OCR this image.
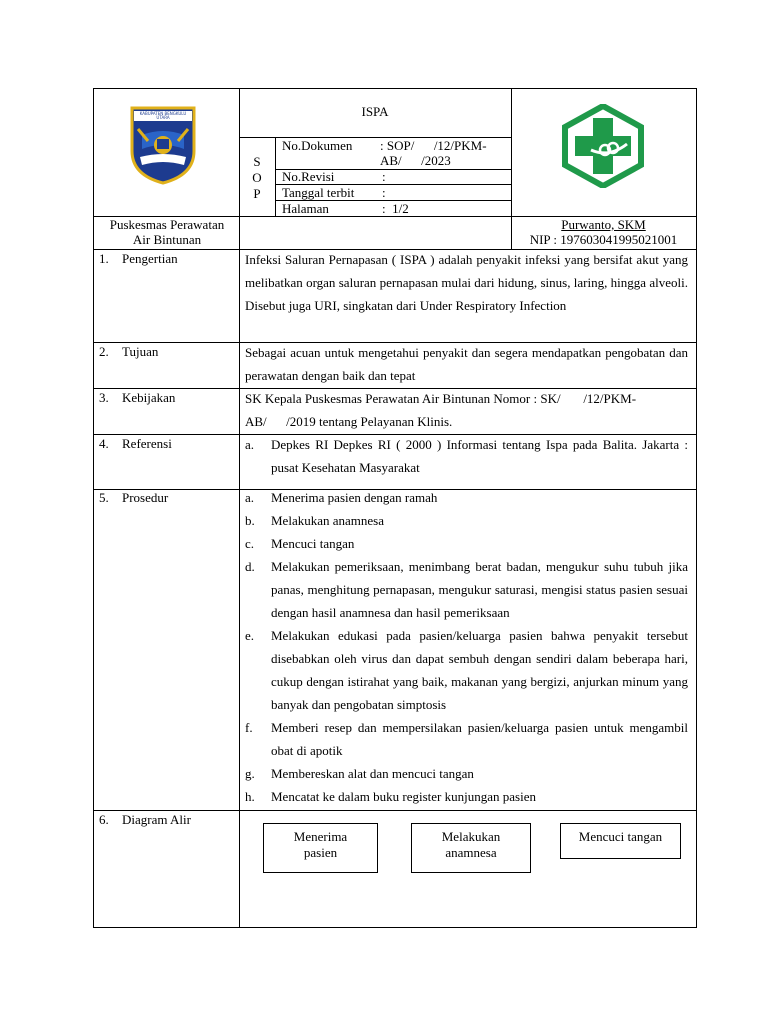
KABUPATEN BENGKULU UTARA	ISPA
S
O
P
No.Dokumen : SOP/      /12/PKM-AB/      /2023
No.Revisi	:
Tanggal terbit :
Halaman	:  1/2
Puskesmas Perawatan Air Bintunan
Purwanto, SKM
NIP : 197603041995021001
1. Pengertian	Infeksi Saluran Pernapasan ( ISPA ) adalah penyakit infeksi yang bersifat akut yang melibatkan organ saluran pernapasan mulai dari hidung, sinus, laring, hingga alveoli. Disebut juga URI, singkatan dari Under Respiratory Infection
2. Tujuan	Sebagai acuan untuk mengetahui penyakit dan segera mendapatkan pengobatan dan perawatan dengan baik dan tepat
3. Kebijakan	SK Kepala Puskesmas Perawatan Air Bintunan Nomor : SK/       /12/PKM-
AB/      /2019 tentang Pelayanan Klinis.
4. Referensi	a.	Depkes RI Depkes RI ( 2000 ) Informasi tentang Ispa pada Balita. Jakarta : pusat Kesehatan Masyarakat
5. Prosedur	a.	Menerima pasien dengan ramah
b.	Melakukan anamnesa
c.	Mencuci tangan
d.	Melakukan pemeriksaan, menimbang berat badan, mengukur suhu tubuh jika panas, menghitung pernapasan, mengukur saturasi, mengisi status pasien sesuai dengan hasil anamnesa dan hasil pemeriksaan
e.	Melakukan edukasi pada pasien/keluarga pasien bahwa penyakit tersebut disebabkan oleh virus dan dapat sembuh dengan sendiri dalam beberapa hari, cukup dengan istirahat yang baik, makanan yang bergizi, anjurkan minum yang banyak dan pengobatan simptosis
f.	Memberi resep dan mempersilakan pasien/keluarga pasien untuk mengambil obat di apotik
g.	Membereskan alat dan mencuci tangan
h.	Mencatat ke dalam buku register kunjungan pasien
6. Diagram Alir
Menerima pasien
Melakukan anamnesa
Mencuci tangan
